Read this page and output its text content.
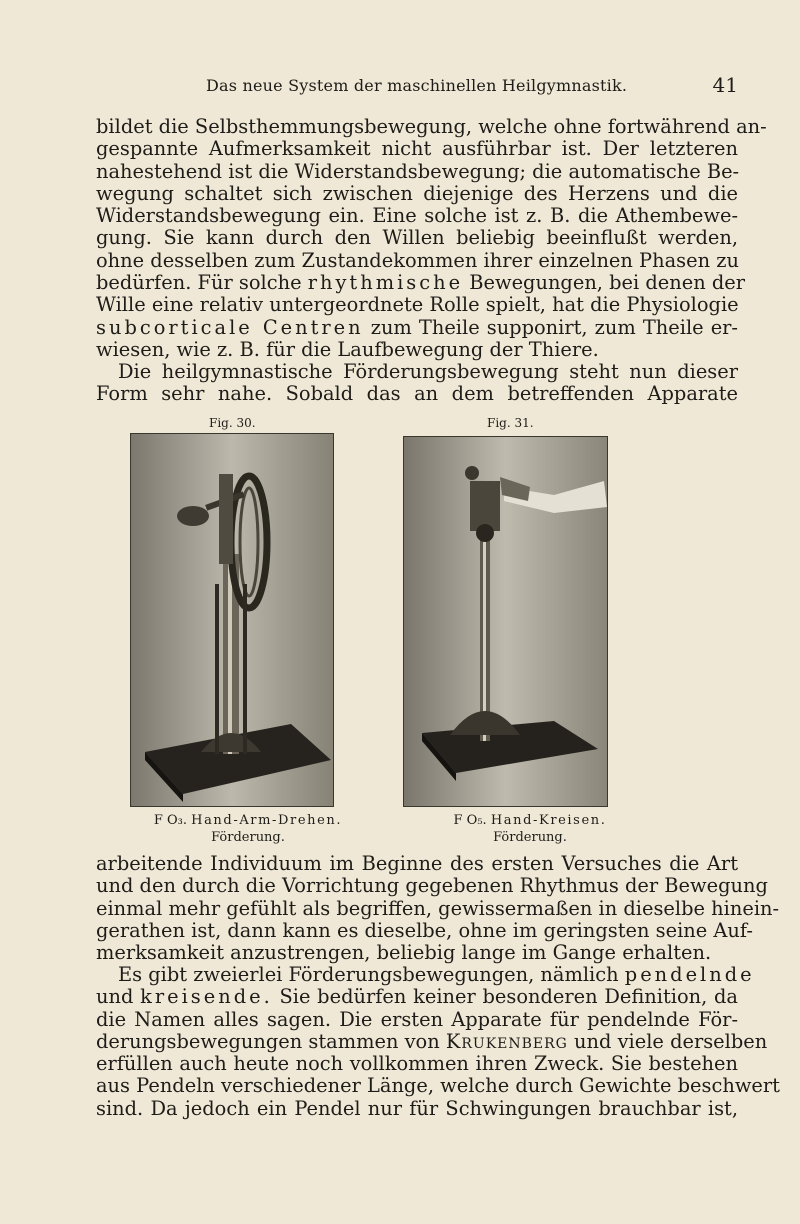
Das neue System der maschinellen Heilgymnastik.	41
bildet die Selbsthemmungsbewegung, welche ohne fortwährend an-
gespannte Aufmerksamkeit nicht ausführbar ist. Der letzteren
nahestehend ist die Widerstandsbewegung; die automatische Be-
wegung schaltet sich zwischen diejenige des Herzens und die
Widerstandsbewegung ein. Eine solche ist z. B. die Athembewe-
gung. Sie kann durch den Willen beliebig beeinflußt werden,
ohne desselben zum Zustandekommen ihrer einzelnen Phasen zu
bedürfen. Für solche rhythmische Bewegungen, bei denen der
Wille eine relativ untergeordnete Rolle spielt, hat die Physiologie
subcorticale Centren zum Theile supponirt, zum Theile er-
wiesen, wie z. B. für die Laufbewegung der Thiere.
Die heilgymnastische Förderungsbewegung steht nun dieser
Form sehr nahe. Sobald das an dem betreffenden Apparate
Fig. 30.
F O₃. Hand-Arm-Drehen.
Förderung.
Fig. 31.
F O₅. Hand-Kreisen.
Förderung.
arbeitende Individuum im Beginne des ersten Versuches die Art
und den durch die Vorrichtung gegebenen Rhythmus der Bewegung
einmal mehr gefühlt als begriffen, gewissermaßen in dieselbe hinein-
gerathen ist, dann kann es dieselbe, ohne im geringsten seine Auf-
merksamkeit anzustrengen, beliebig lange im Gange erhalten.
Es gibt zweierlei Förderungsbewegungen, nämlich pendelnde
und kreisende. Sie bedürfen keiner besonderen Definition, da
die Namen alles sagen. Die ersten Apparate für pendelnde För-
derungsbewegungen stammen von Krukenberg und viele derselben
erfüllen auch heute noch vollkommen ihren Zweck. Sie bestehen
aus Pendeln verschiedener Länge, welche durch Gewichte beschwert
sind. Da jedoch ein Pendel nur für Schwingungen brauchbar ist,
